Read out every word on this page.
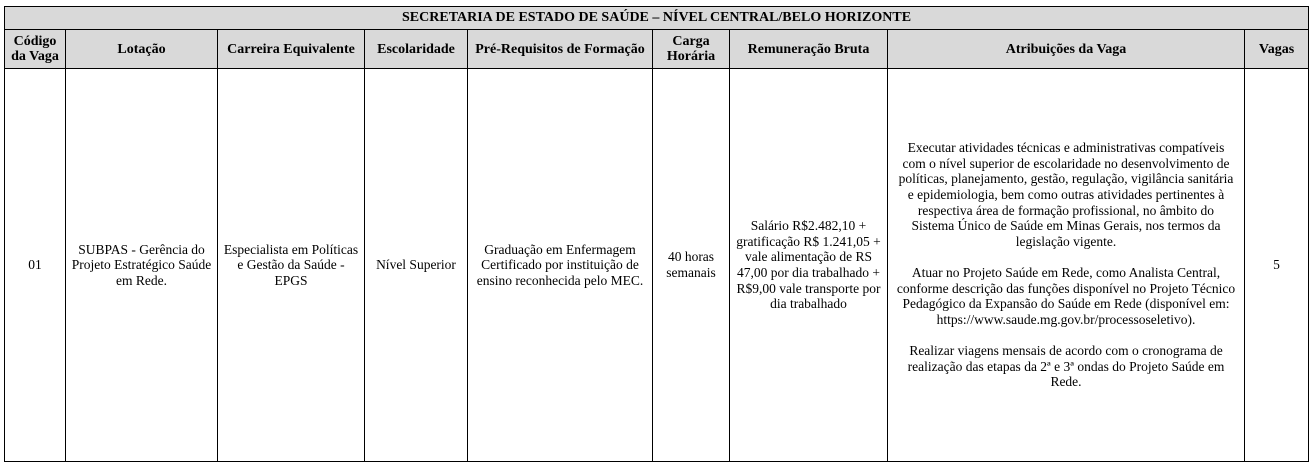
SECRETARIA DE ESTADO DE SAÚDE – NÍVEL CENTRAL/BELO HORIZONTE								
Código da Vaga	Lotação	Carreira Equivalente	Escolaridade	Pré-Requisitos de Formação	Carga Horária	Remuneração Bruta	Atribuições da Vaga	Vagas
01	SUBPAS - Gerência do Projeto Estratégico Saúde em Rede.	Especialista em Políticas e Gestão da Saúde - EPGS	Nível Superior	Graduação em Enfermagem Certificado por instituição de ensino reconhecida pelo MEC.	40 horas semanais	Salário R$2.482,10 + gratificação R$ 1.241,05 + vale alimentação de RS 47,00 por dia trabalhado + R$9,00 vale transporte por dia trabalhado	Executar atividades técnicas e administrativas compatíveis com o nível superior de escolaridade no desenvolvimento de políticas, planejamento, gestão, regulação, vigilância sanitária e epidemiologia, bem como outras atividades pertinentes à respectiva área de formação profissional, no âmbito do Sistema Único de Saúde em Minas Gerais, nos termos da legislação vigente.

Atuar no Projeto Saúde em Rede, como Analista Central, conforme descrição das funções disponível no Projeto Técnico Pedagógico da Expansão do Saúde em Rede (disponível em: https://www.saude.mg.gov.br/processoseletivo).

Realizar viagens mensais de acordo com o cronograma de realização das etapas da 2ª e 3ª ondas do Projeto Saúde em Rede.	5
